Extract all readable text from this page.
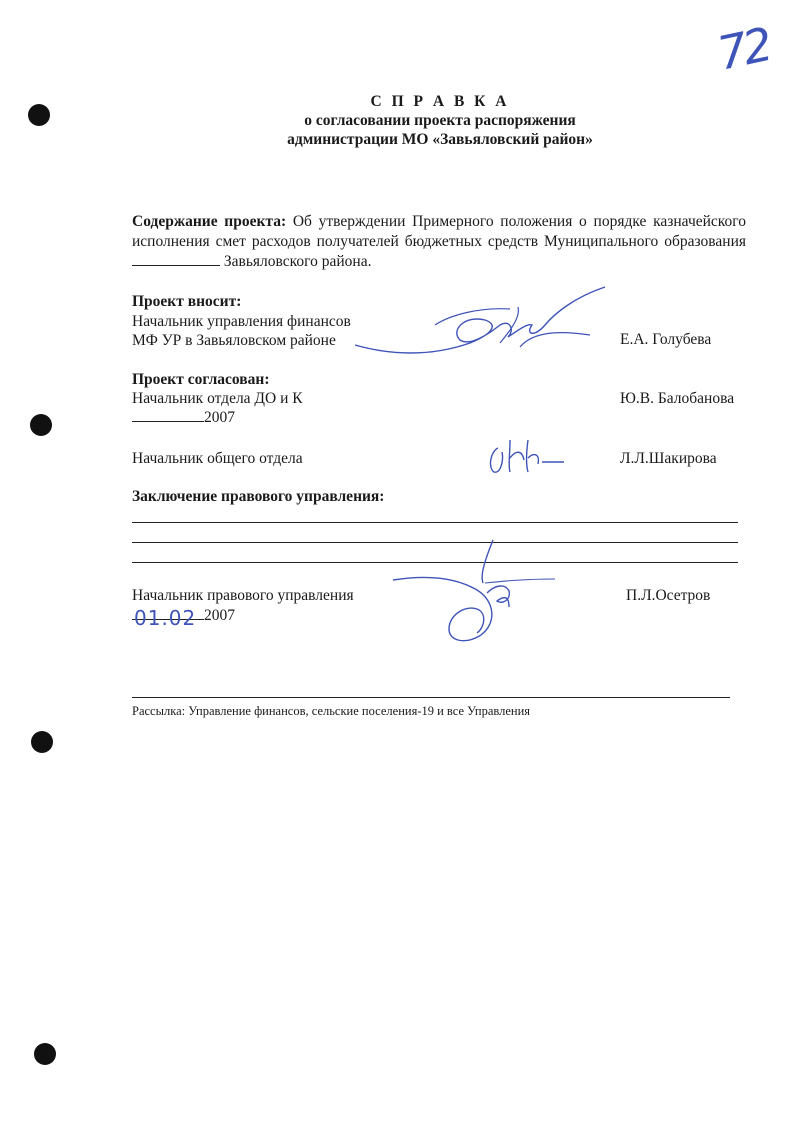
72
С П Р А В К А
о согласовании проекта распоряжения
администрации МО «Завьяловский район»
Содержание проекта: Об утверждении Примерного положения о порядке казначейского исполнения смет расходов получателей бюджетных средств Муниципального образования  Завьяловского района.
Проект вносит:
Начальник управления финансов
МФ УР в Завьяловском районе	Е.А. Голубева
Проект согласован:
Начальник отдела ДО и К	Ю.В. Балобанова
2007
Начальник общего отдела	Л.Л.Шакирова
Заключение правового управления:
Начальник правового управления	П.Л.Осетров
01.02 2007
Рассылка: Управление финансов, сельские поселения-19 и все Управления
